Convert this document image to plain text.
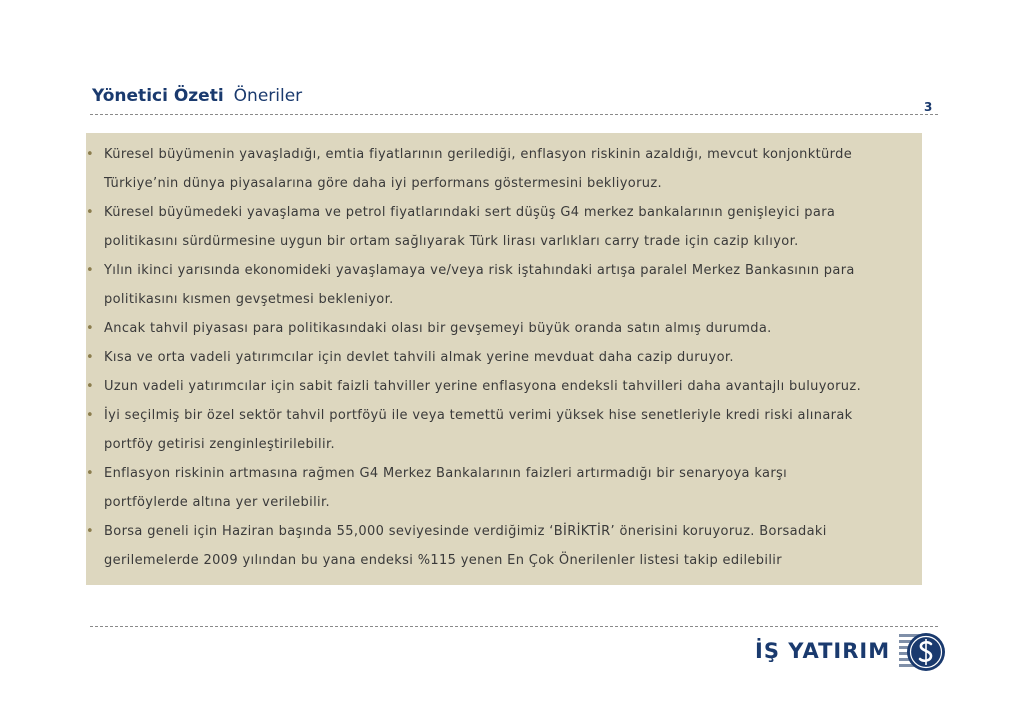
Yönetici Özeti Öneriler
3
• Küresel büyümenin yavaşladığı, emtia fiyatlarının gerilediği, enflasyon riskinin azaldığı, mevcut konjonktürde
Türkiye’nin dünya piyasalarına göre daha iyi performans göstermesini bekliyoruz.
• Küresel büyümedeki yavaşlama ve petrol fiyatlarındaki sert düşüş G4 merkez bankalarının genişleyici para
politikasını sürdürmesine uygun bir ortam sağlıyarak Türk lirası varlıkları carry trade için cazip kılıyor.
• Yılın ikinci yarısında ekonomideki yavaşlamaya ve/veya risk iştahındaki artışa paralel Merkez Bankasının para
politikasını kısmen gevşetmesi bekleniyor.
• Ancak tahvil piyasası para politikasındaki olası bir gevşemeyi büyük oranda satın almış durumda.
• Kısa ve orta vadeli yatırımcılar için devlet tahvili almak yerine mevduat daha cazip duruyor.
• Uzun vadeli yatırımcılar için sabit faizli tahviller yerine enflasyona endeksli tahvilleri daha avantajlı buluyoruz.
• İyi seçilmiş bir özel sektör tahvil portföyü ile veya temettü verimi yüksek hise senetleriyle kredi riski alınarak
portföy getirisi zenginleştirilebilir.
• Enflasyon riskinin artmasına rağmen G4 Merkez Bankalarının faizleri artırmadığı bir senaryoya karşı
portföylerde altına yer verilebilir.
• Borsa geneli için Haziran başında 55,000 seviyesinde verdiğimiz ‘BİRİKTİR’ önerisini koruyoruz. Borsadaki
gerilemelerde 2009 yılından bu yana endeksi %115 yenen En Çok Önerilenler listesi takip edilebilir
İŞ YATIRIM
